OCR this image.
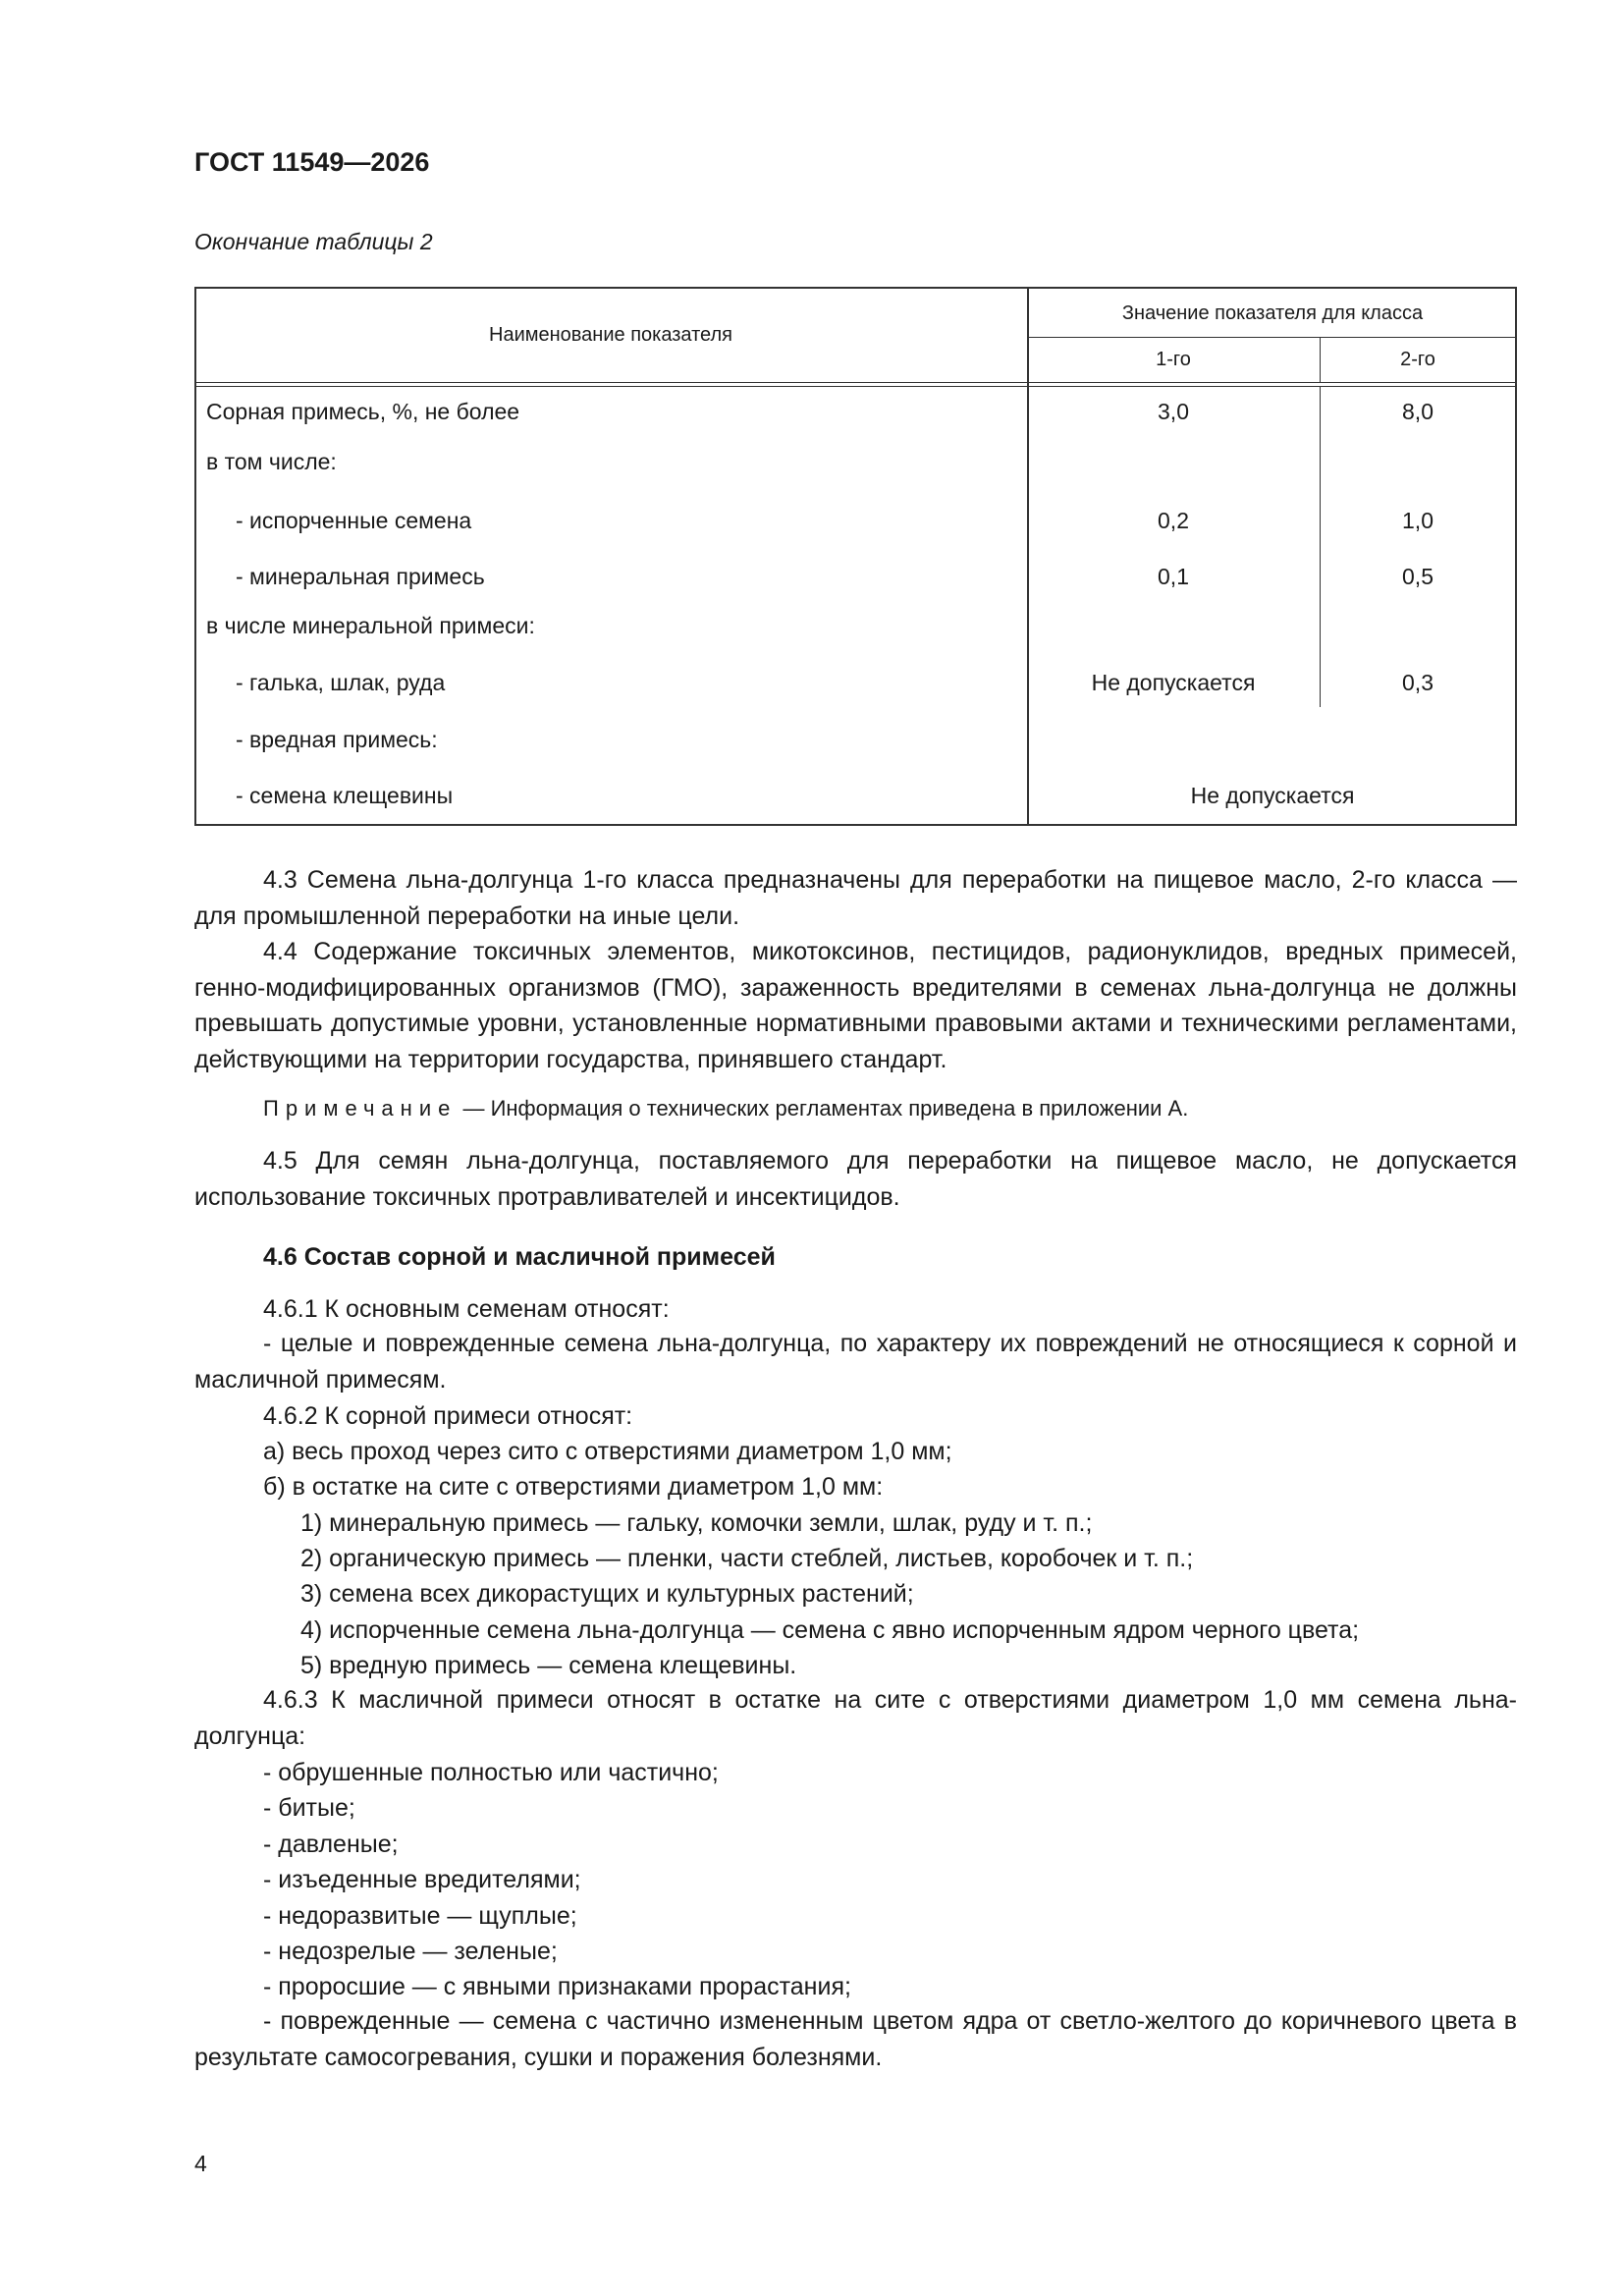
ГОСТ 11549—2026
Окончание таблицы 2
Наименование показателя
Значение показателя для класса
1-го	2-го
Сорная примесь, %, не более	3,0	8,0
в том числе:
- испорченные семена	0,2	1,0
- минеральная примесь	0,1	0,5
в числе минеральной примеси:
- галька, шлак, руда	Не допускается	0,3
- вредная примесь:
- семена клещевины	Не допускается

4.3 Семена льна-долгунца 1-го класса предназначены для переработки на пищевое масло, 2-го класса — для промышленной переработки на иные цели.

4.4 Содержание токсичных элементов, микотоксинов, пестицидов, радионуклидов, вредных примесей, генно-модифицированных организмов (ГМО), зараженность вредителями в семенах льна-долгунца не должны превышать допустимые уровни, установленные нормативными правовыми актами и техническими регламентами, действующими на территории государства, принявшего стандарт.

Примечание — Информация о технических регламентах приведена в приложении А.

4.5 Для семян льна-долгунца, поставляемого для переработки на пищевое масло, не допускается использование токсичных протравливателей и инсектицидов.

4.6 Состав сорной и масличной примесей
4.6.1 К основным семенам относят:

- целые и поврежденные семена льна-долгунца, по характеру их повреждений не относящиеся к сорной и масличной примесям.

4.6.2 К сорной примеси относят:
а) весь проход через сито с отверстиями диаметром 1,0 мм;
б) в остатке на сите с отверстиями диаметром 1,0 мм:
1) минеральную примесь — гальку, комочки земли, шлак, руду и т. п.;
2) органическую примесь — пленки, части стеблей, листьев, коробочек и т. п.;
3) семена всех дикорастущих и культурных растений;
4) испорченные семена льна-долгунца — семена с явно испорченным ядром черного цвета;
5) вредную примесь — семена клещевины.

4.6.3 К масличной примеси относят в остатке на сите с отверстиями диаметром 1,0 мм семена льна-долгунца:

- обрушенные полностью или частично;
- битые;
- давленые;
- изъеденные вредителями;
- недоразвитые — щуплые;
- недозрелые — зеленые;
- проросшие — с явными признаками прорастания;

- поврежденные — семена с частично измененным цветом ядра от светло-желтого до коричневого цвета в результате самосогревания, сушки и поражения болезнями.

4
